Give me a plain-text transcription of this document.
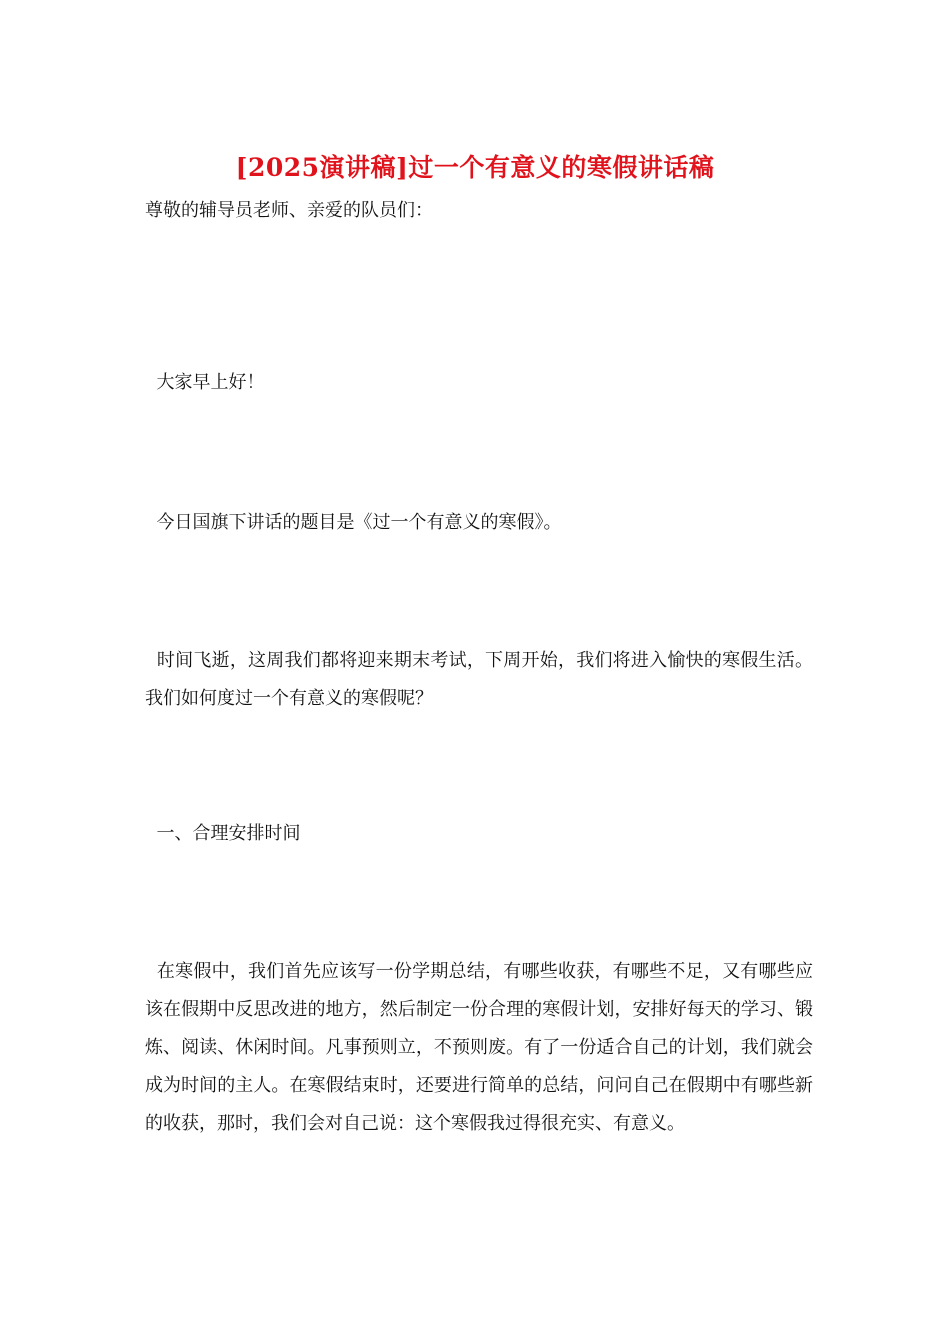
[2025演讲稿]过一个有意义的寒假讲话稿

尊敬的辅导员老师、亲爱的队员们：

大家早上好！

今日国旗下讲话的题目是《过一个有意义的寒假》。

时间飞逝，这周我们都将迎来期末考试，下周开始，我们将进入愉快的寒假生活。我们如何度过一个有意义的寒假呢？

一、合理安排时间

在寒假中，我们首先应该写一份学期总结，有哪些收获，有哪些不足，又有哪些应该在假期中反思改进的地方，然后制定一份合理的寒假计划，安排好每天的学习、锻炼、阅读、休闲时间。凡事预则立，不预则废。有了一份适合自己的计划，我们就会成为时间的主人。在寒假结束时，还要进行简单的总结，问问自己在假期中有哪些新的收获，那时，我们会对自己说：这个寒假我过得很充实、有意义。
